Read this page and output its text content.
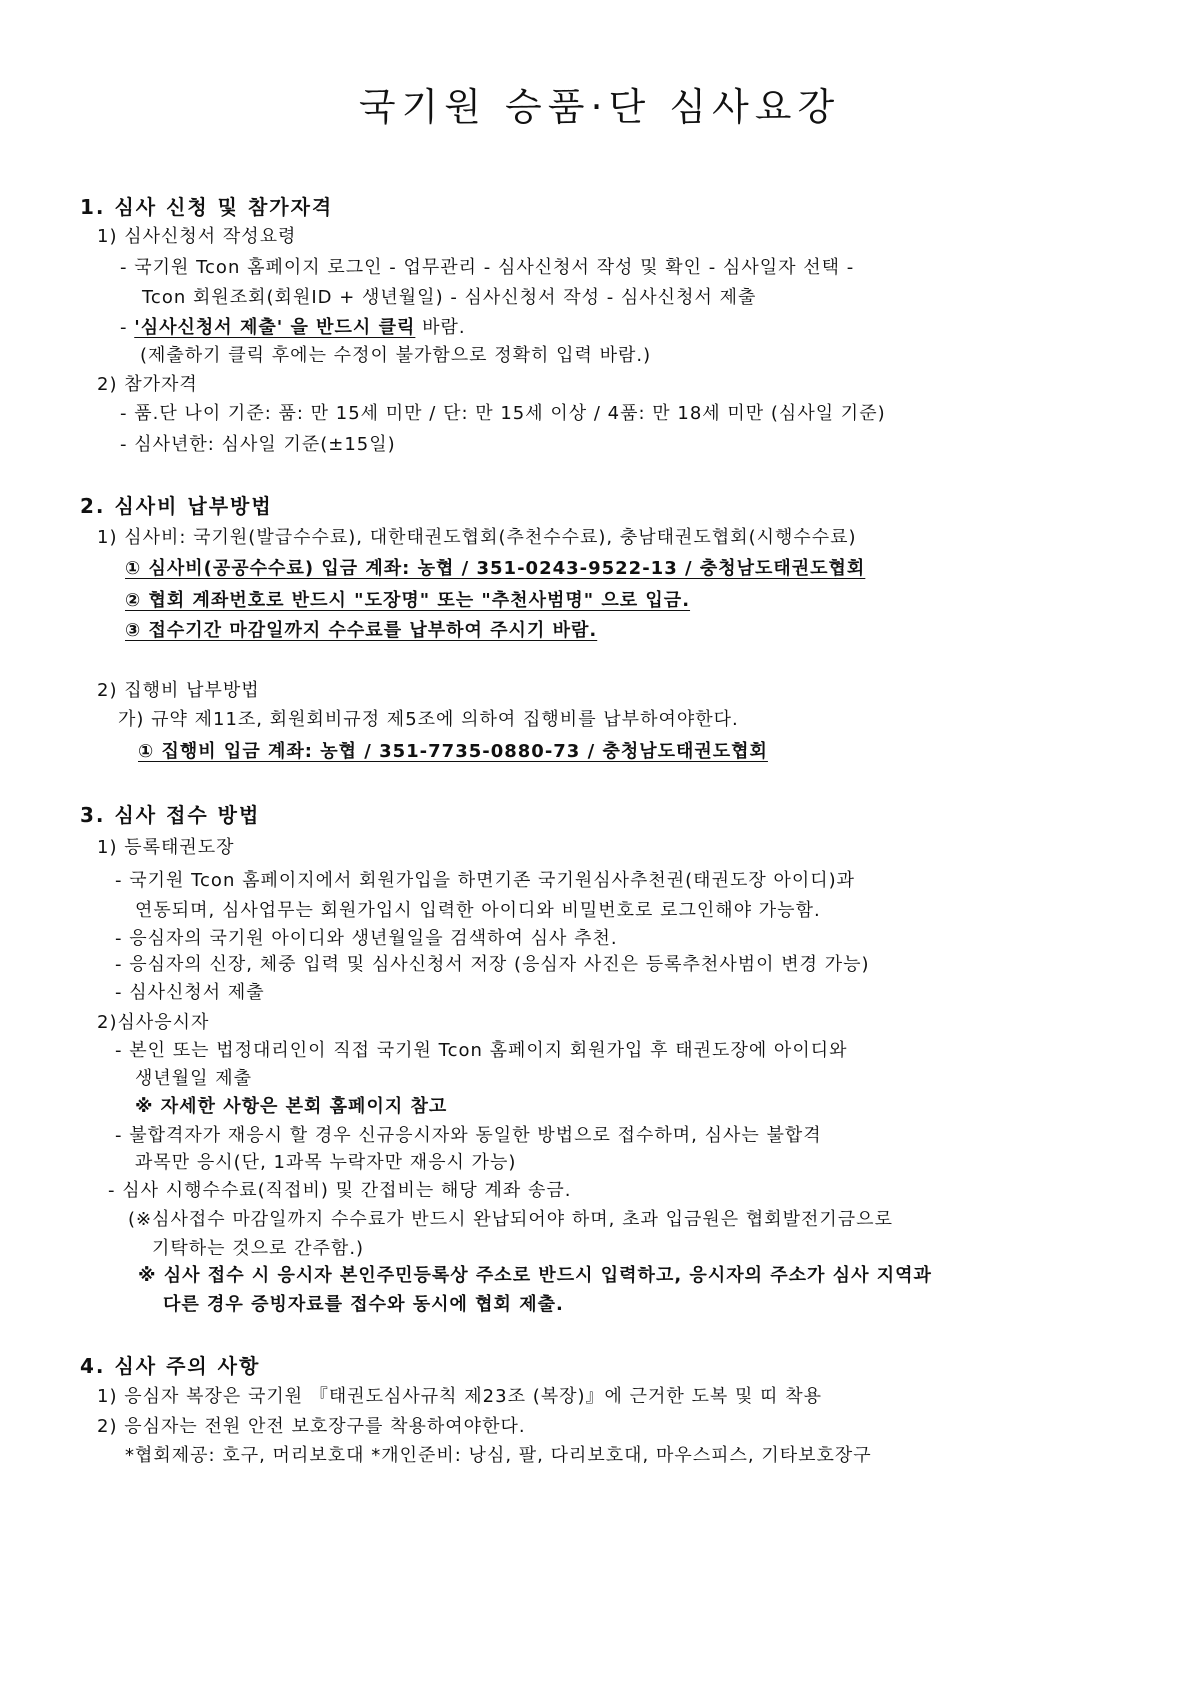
국기원 승품·단 심사요강
1. 심사 신청 및 참가자격
1) 심사신청서 작성요령
- 국기원 Tcon 홈페이지 로그인 - 업무관리 - 심사신청서 작성 및 확인 - 심사일자 선택 -
Tcon 회원조회(회원ID + 생년월일) - 심사신청서 작성 - 심사신청서 제출
- '심사신청서 제출' 을 반드시 클릭 바람.
(제출하기 클릭 후에는 수정이 불가함으로 정확히 입력 바람.)
2) 참가자격
- 품.단 나이 기준: 품: 만 15세 미만 / 단: 만 15세 이상 / 4품: 만 18세 미만 (심사일 기준)
- 심사년한: 심사일 기준(±15일)
2. 심사비 납부방법
1) 심사비: 국기원(발급수수료), 대한태권도협회(추천수수료), 충남태권도협회(시행수수료)
① 심사비(공공수수료) 입금 계좌: 농협 / 351-0243-9522-13 / 충청남도태권도협회
② 협회 계좌번호로 반드시 "도장명" 또는 "추천사범명" 으로 입금.
③ 접수기간 마감일까지 수수료를 납부하여 주시기 바람.
2) 집행비 납부방법
가) 규약 제11조, 회원회비규정 제5조에 의하여 집행비를 납부하여야한다.
① 집행비 입금 계좌: 농협 / 351-7735-0880-73 / 충청남도태권도협회
3. 심사 접수 방법
1) 등록태권도장
- 국기원 Tcon 홈페이지에서 회원가입을 하면기존 국기원심사추천권(태권도장 아이디)과
연동되며, 심사업무는 회원가입시 입력한 아이디와 비밀번호로 로그인해야 가능함.
- 응심자의 국기원 아이디와 생년월일을 검색하여 심사 추천.
- 응심자의 신장, 체중 입력 및 심사신청서 저장 (응심자 사진은 등록추천사범이 변경 가능)
- 심사신청서 제출
2)심사응시자
- 본인 또는 법정대리인이 직접 국기원 Tcon 홈페이지 회원가입 후 태권도장에 아이디와
생년월일 제출
※ 자세한 사항은 본회 홈페이지 참고
- 불합격자가 재응시 할 경우 신규응시자와 동일한 방법으로 접수하며, 심사는 불합격
과목만 응시(단, 1과목 누락자만 재응시 가능)
- 심사 시행수수료(직접비) 및 간접비는 해당 계좌 송금.
(※심사접수 마감일까지 수수료가 반드시 완납되어야 하며, 초과 입금원은 협회발전기금으로
기탁하는 것으로 간주함.)
※ 심사 접수 시 응시자 본인주민등록상 주소로 반드시 입력하고, 응시자의 주소가 심사 지역과
다른 경우 증빙자료를 접수와 동시에 협회 제출.
4. 심사 주의 사항
1) 응심자 복장은 국기원 『태권도심사규칙 제23조 (복장)』에 근거한 도복 및 띠 착용
2) 응심자는 전원 안전 보호장구를 착용하여야한다.
*협회제공: 호구, 머리보호대 *개인준비: 낭심, 팔, 다리보호대, 마우스피스, 기타보호장구
